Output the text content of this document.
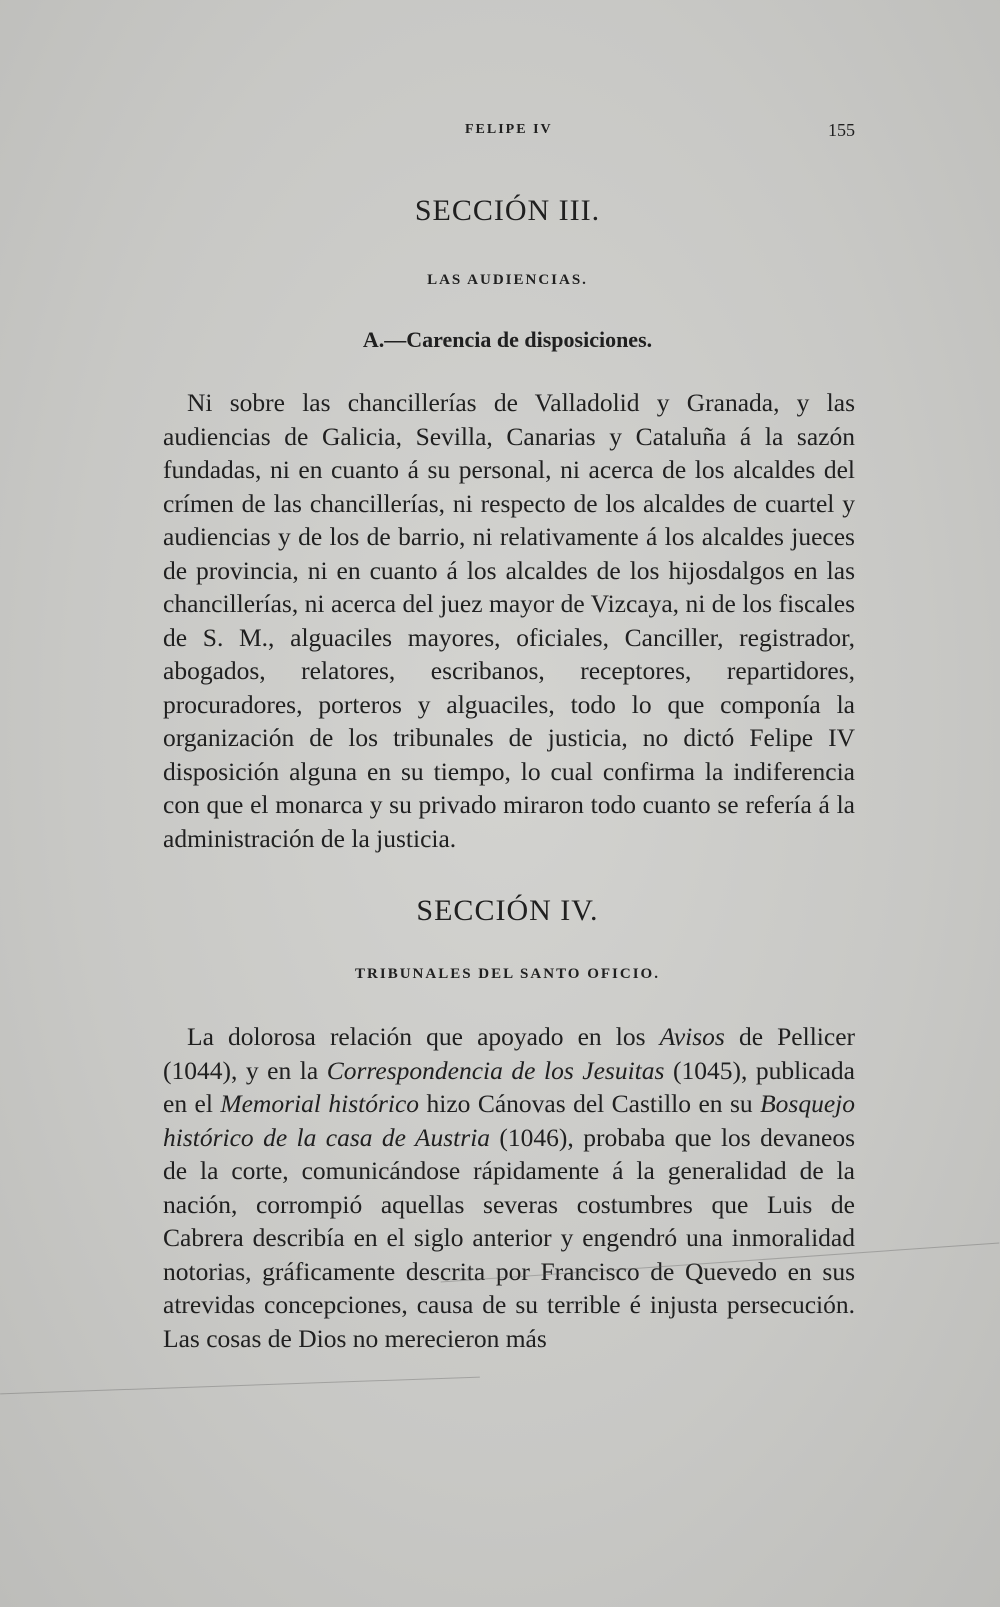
FELIPE IV	155
SECCIÓN III.
LAS AUDIENCIAS.
A.—Carencia de disposiciones.

Ni sobre las chancillerías de Valladolid y Granada, y las audiencias de Galicia, Sevilla, Canarias y Cataluña á la sazón fundadas, ni en cuanto á su personal, ni acerca de los alcaldes del crímen de las chancillerías, ni respecto de los alcaldes de cuartel y audiencias y de los de barrio, ni relativamente á los alcaldes jueces de provincia, ni en cuanto á los alcaldes de los hijosdalgos en las chancillerías, ni acerca del juez mayor de Vizcaya, ni de los fiscales de S. M., alguaciles mayores, oficiales, Canciller, registrador, abogados, relatores, escribanos, receptores, repartidores, procuradores, porteros y alguaciles, todo lo que componía la organización de los tribunales de justicia, no dictó Felipe IV disposición alguna en su tiempo, lo cual confirma la indiferencia con que el monarca y su privado miraron todo cuanto se refería á la administración de la justicia.

SECCIÓN IV.
TRIBUNALES DEL SANTO OFICIO.

La dolorosa relación que apoyado en los Avisos de Pellicer (1044), y en la Correspondencia de los Jesuitas (1045), publicada en el Memorial histórico hizo Cánovas del Castillo en su Bosquejo histórico de la casa de Austria (1046), probaba que los devaneos de la corte, comunicándose rápidamente á la generalidad de la nación, corrompió aquellas severas costumbres que Luis de Cabrera describía en el siglo anterior y engendró una inmoralidad notorias, gráficamente descrita por Francisco de Quevedo en sus atrevidas concepciones, causa de su terrible é injusta persecución. Las cosas de Dios no merecieron más
